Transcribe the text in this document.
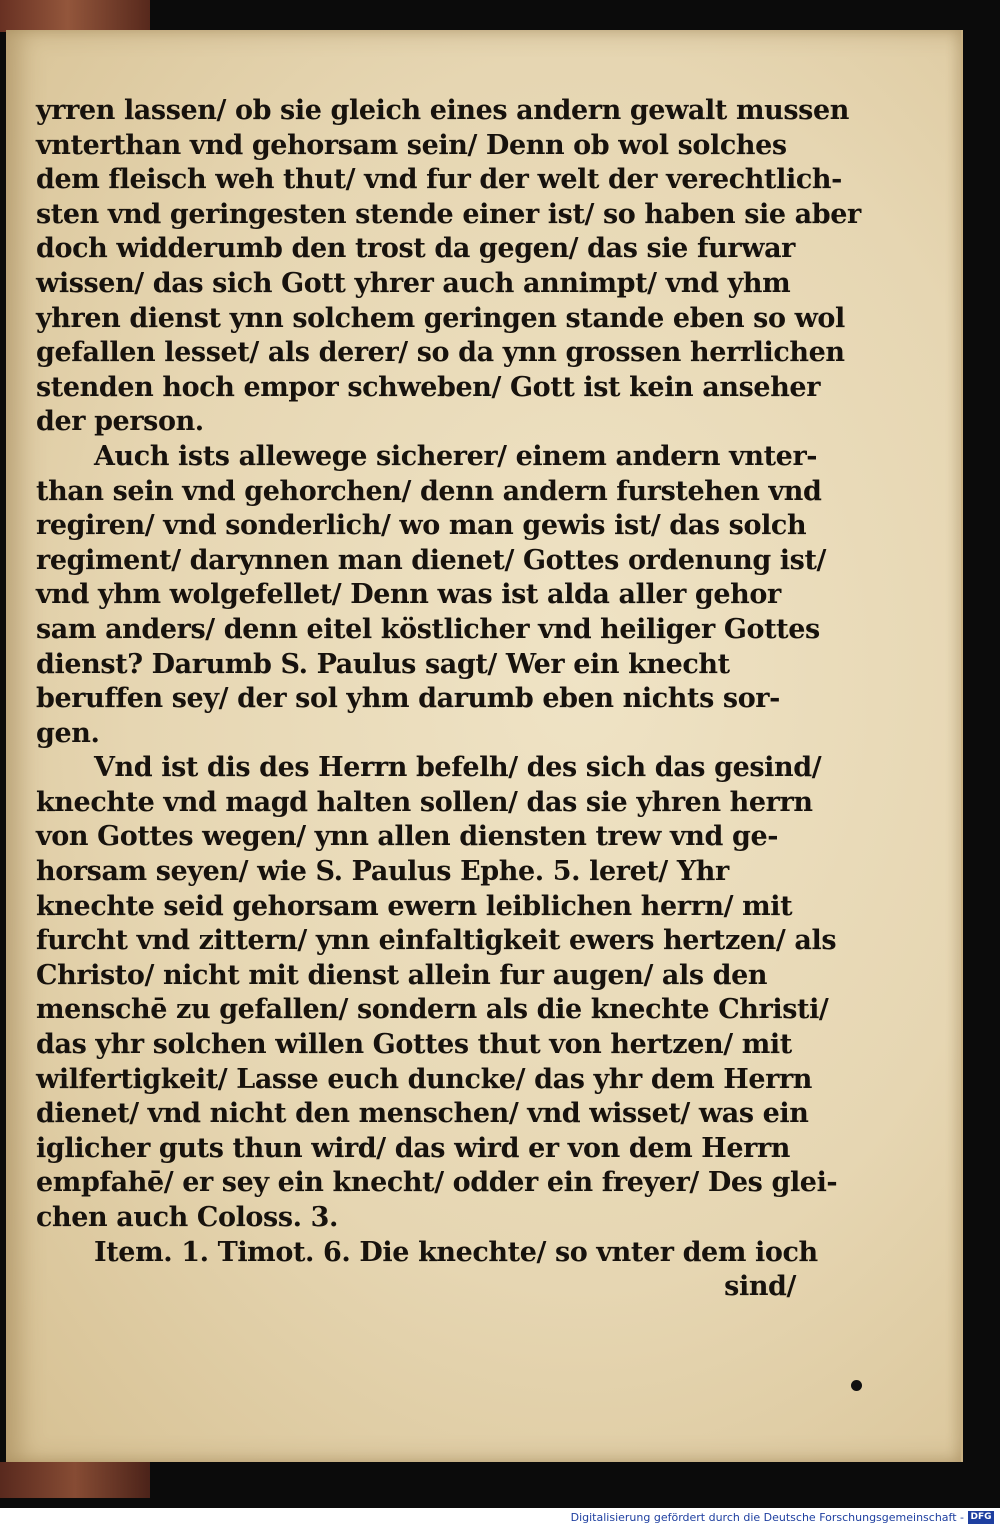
yrren lassen/ ob sie gleich eines andern gewalt mussen
vnterthan vnd gehorsam sein/ Denn ob wol solches
dem fleisch weh thut/ vnd fur der welt der verechtlich-
sten vnd geringesten stende einer ist/ so haben sie aber
doch widderumb den trost da gegen/ das sie furwar
wissen/ das sich Gott yhrer auch annimpt/ vnd yhm
yhren dienst ynn solchem geringen stande eben so wol
gefallen lesset/ als derer/ so da ynn grossen herrlichen
stenden hoch empor schweben/ Gott ist kein anseher
der person.
Auch ists allewege sicherer/ einem andern vnter-
than sein vnd gehorchen/ denn andern furstehen vnd
regiren/ vnd sonderlich/ wo man gewis ist/ das solch
regiment/ darynnen man dienet/ Gottes ordenung ist/
vnd yhm wolgefellet/ Denn was ist alda aller gehor
sam anders/ denn eitel köstlicher vnd heiliger Gottes
dienst? Darumb S. Paulus sagt/ Wer ein knecht
beruffen sey/ der sol yhm darumb eben nichts sor-
gen.
Vnd ist dis des Herrn befelh/ des sich das gesind/
knechte vnd magd halten sollen/ das sie yhren herrn
von Gottes wegen/ ynn allen diensten trew vnd ge-
horsam seyen/ wie S. Paulus Ephe. 5. leret/ Yhr
knechte seid gehorsam ewern leiblichen herrn/ mit
furcht vnd zittern/ ynn einfaltigkeit ewers hertzen/ als
Christo/ nicht mit dienst allein fur augen/ als den
menschē zu gefallen/ sondern als die knechte Christi/
das yhr solchen willen Gottes thut von hertzen/ mit
wilfertigkeit/ Lasse euch duncke/ das yhr dem Herrn
dienet/ vnd nicht den menschen/ vnd wisset/ was ein
iglicher guts thun wird/ das wird er von dem Herrn
empfahē/ er sey ein knecht/ odder ein freyer/ Des glei-
chen auch Coloss. 3.
Item. 1. Timot. 6. Die knechte/ so vnter dem ioch
sind/
Digitalisierung gefördert durch die Deutsche Forschungsgemeinschaft - DFG
